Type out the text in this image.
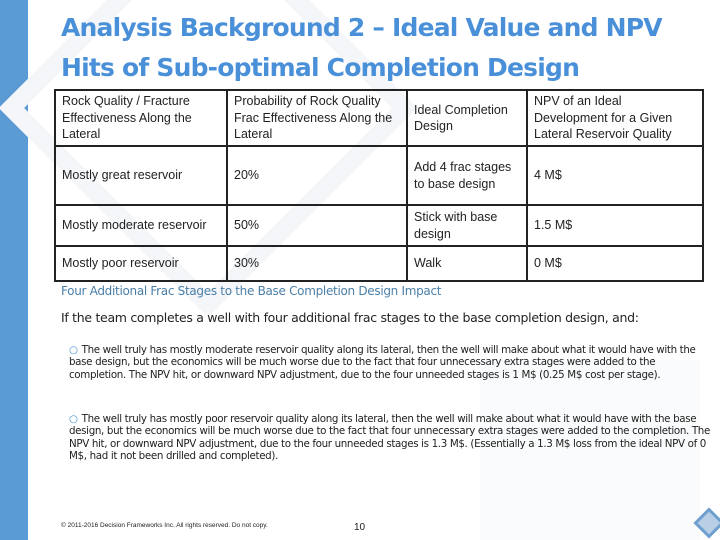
Analysis Background 2 – Ideal Value and NPV Hits of Sub-optimal Completion Design
Rock Quality / Fracture Effectiveness Along the Lateral	Probability of Rock Quality Frac Effectiveness Along the Lateral	Ideal Completion Design	NPV of an Ideal Development for a Given Lateral Reservoir Quality
Mostly great reservoir	20%	Add 4 frac stages to base design	4 M$
Mostly moderate reservoir	50%	Stick with base design	1.5 M$
Mostly poor reservoir	30%	Walk	0 M$
Four Additional Frac Stages to the Base Completion Design Impact
If the team completes a well with four additional frac stages to the base completion design, and:
○ The well truly has mostly moderate reservoir quality along its lateral, then the well will make about what it would have with the base design, but the economics will be much worse due to the fact that four unnecessary extra stages were added to the completion. The NPV hit, or downward NPV adjustment, due to the four unneeded stages is 1 M$ (0.25 M$ cost per stage).
○ The well truly has mostly poor reservoir quality along its lateral, then the well will make about what it would have with the base design, but the economics will be much worse due to the fact that four unnecessary extra stages were added to the completion. The NPV hit, or downward NPV adjustment, due to the four unneeded stages is 1.3 M$. (Essentially a 1.3 M$ loss from the ideal NPV of 0 M$, had it not been drilled and completed).
© 2011-2016 Decision Frameworks Inc. All rights reserved. Do not copy.	10
